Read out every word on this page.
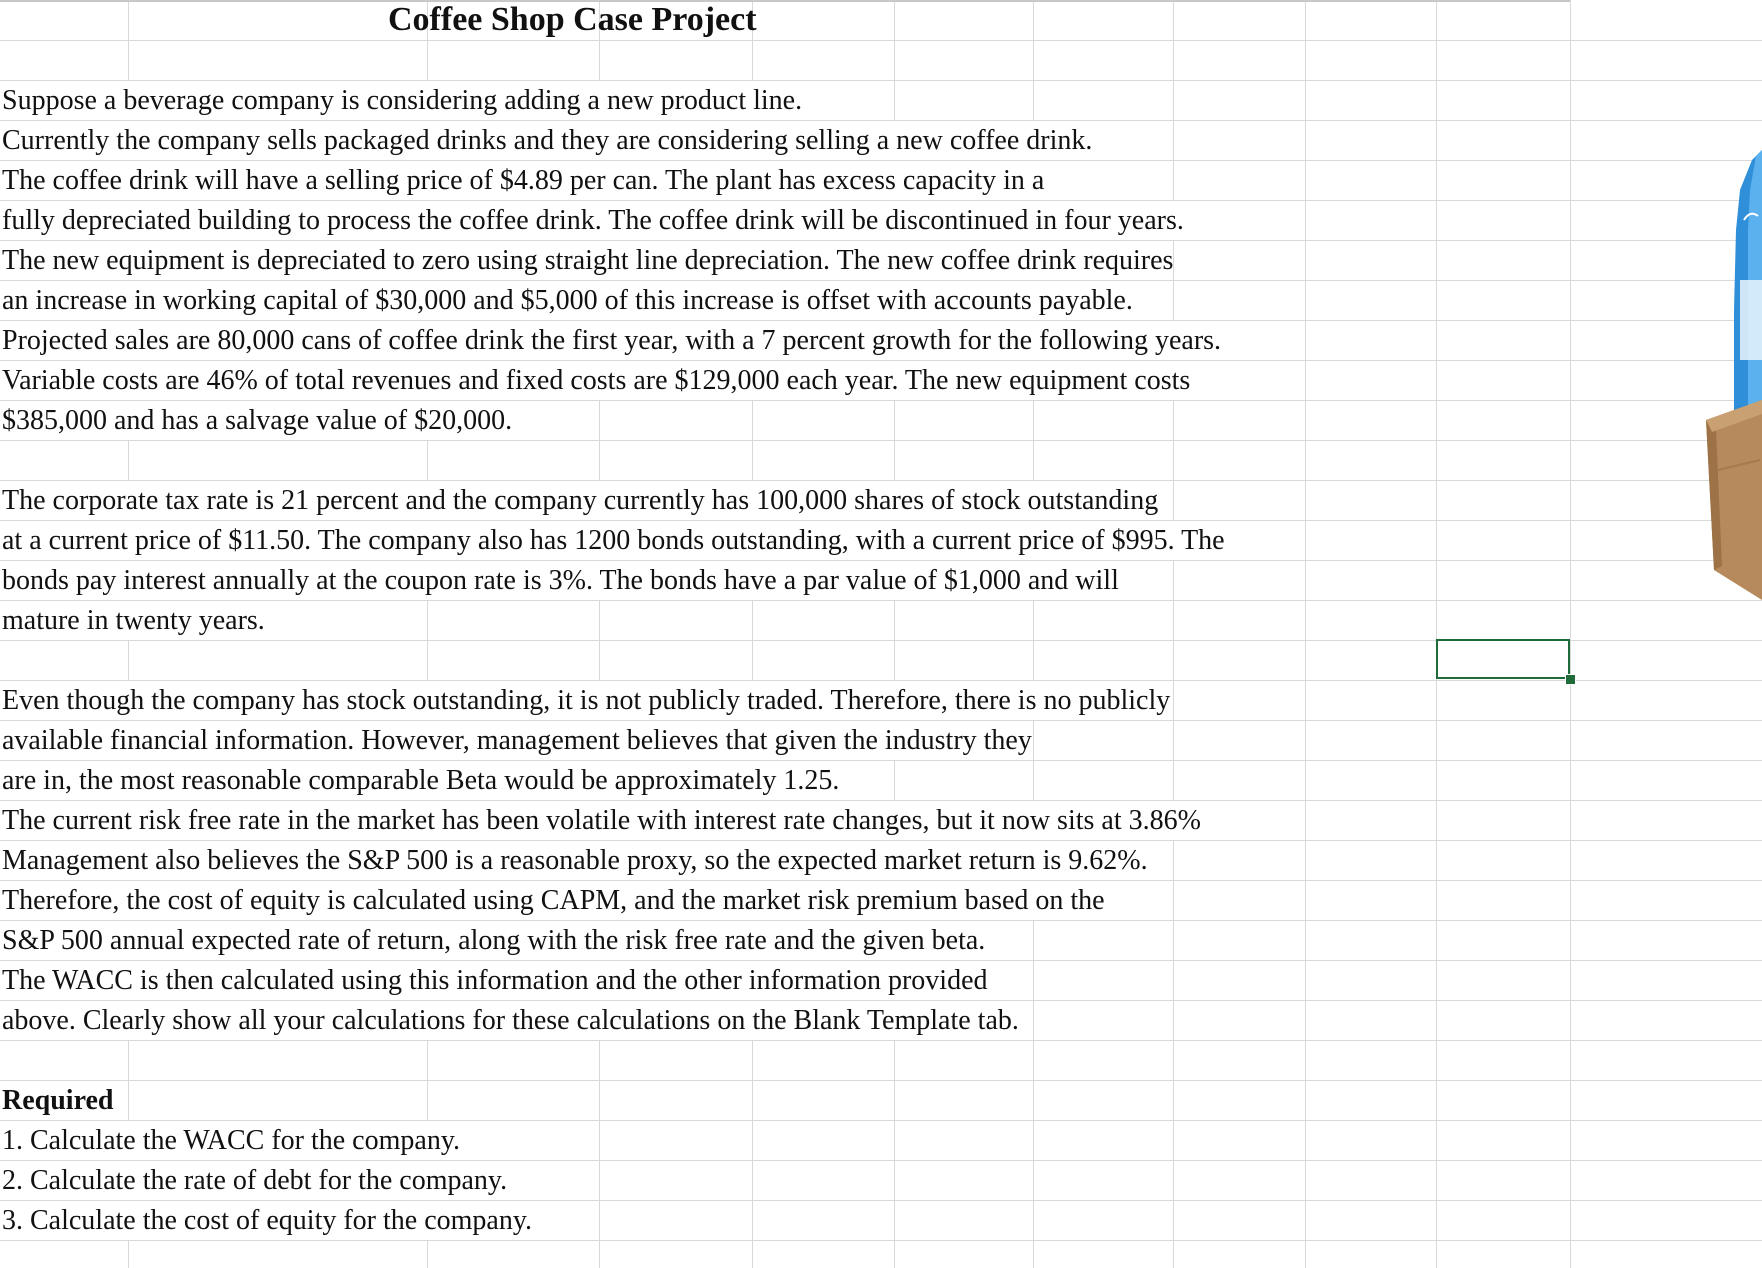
Coffee Shop Case Project
Suppose a beverage company is considering adding a new product line.
Currently the company sells packaged drinks and they are considering selling a new coffee drink.
The coffee drink will have a selling price of $4.89 per can. The plant has excess capacity in a
fully depreciated building to process the coffee drink. The coffee drink will be discontinued in four years.
The new equipment is depreciated to zero using straight line depreciation. The new coffee drink requires
an increase in working capital of $30,000 and $5,000 of this increase is offset with accounts payable.
Projected sales are 80,000 cans of coffee drink the first year, with a 7 percent growth for the following years.
Variable costs are 46% of total revenues and fixed costs are $129,000 each year. The new equipment costs
$385,000 and has a salvage value of $20,000.
The corporate tax rate is 21 percent and the company currently has 100,000 shares of stock outstanding
at a current price of $11.50. The company also has 1200 bonds outstanding, with a current price of $995. The
bonds pay interest annually at the coupon rate is 3%. The bonds have a par value of $1,000 and will
mature in twenty years.
Even though the company has stock outstanding, it is not publicly traded. Therefore, there is no publicly
available financial information. However, management believes that given the industry they
are in, the most reasonable comparable Beta would be approximately 1.25.
The current risk free rate in the market has been volatile with interest rate changes, but it now sits at 3.86%
Management also believes the S&P 500 is a reasonable proxy, so the expected market return is 9.62%.
Therefore, the cost of equity is calculated using CAPM, and the market risk premium based on the
S&P 500 annual expected rate of return, along with the risk free rate and the given beta.
The WACC is then calculated using this information and the other information provided
above. Clearly show all your calculations for these calculations on the Blank Template tab.
Required
1. Calculate the WACC for the company.
2. Calculate the rate of debt for the company.
3. Calculate the cost of equity for the company.
